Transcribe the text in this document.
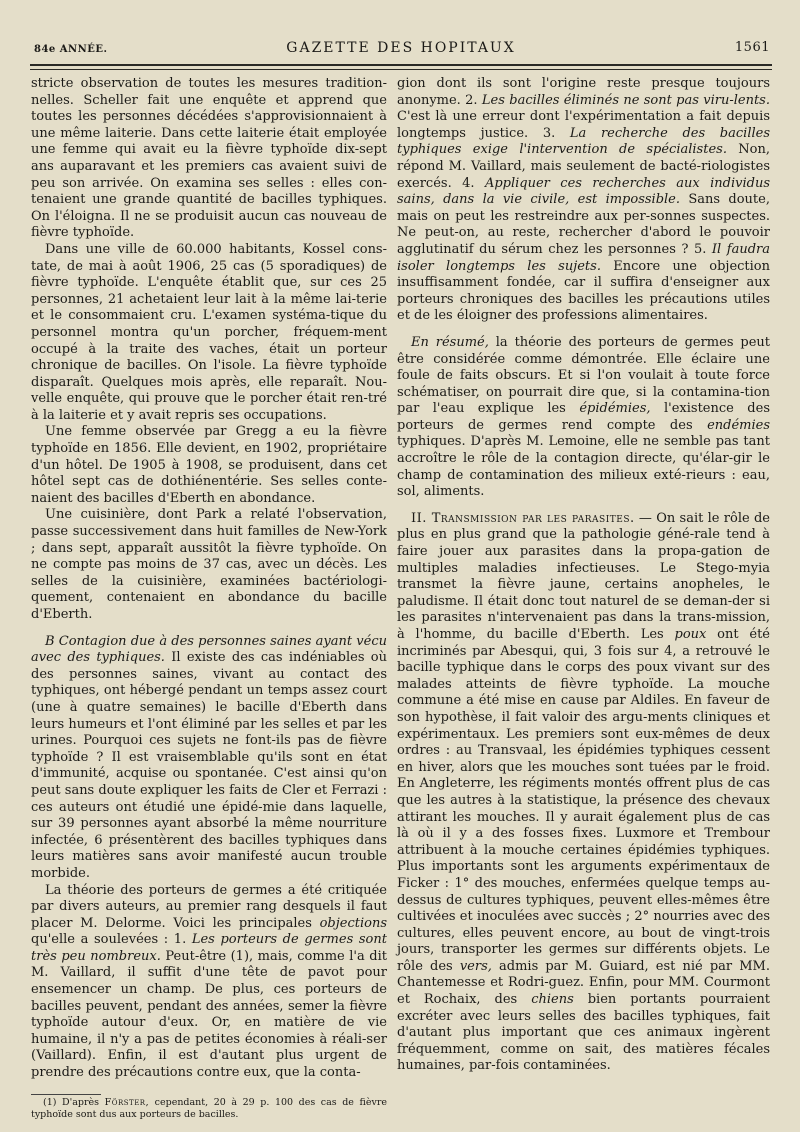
84e ANNÉE.	GAZETTE DES HOPITAUX	1561

stricte observation de toutes les mesures tradition-nelles. Scheller fait une enquête et apprend que toutes les personnes décédées s'approvisionnaient à une même laiterie. Dans cette laiterie était employée une femme qui avait eu la fièvre typhoïde dix-sept ans auparavant et les premiers cas avaient suivi de peu son arrivée. On examina ses selles : elles con-tenaient une grande quantité de bacilles typhiques. On l'éloigna. Il ne se produisit aucun cas nouveau de fièvre typhoïde.

Dans une ville de 60.000 habitants, Kossel cons-tate, de mai à août 1906, 25 cas (5 sporadiques) de fièvre typhoïde. L'enquête établit que, sur ces 25 personnes, 21 achetaient leur lait à la même lai-terie et le consommaient cru. L'examen systéma-tique du personnel montra qu'un porcher, fréquem-ment occupé à la traite des vaches, était un porteur chronique de bacilles. On l'isole. La fièvre typhoïde disparaît. Quelques mois après, elle reparaît. Nou-velle enquête, qui prouve que le porcher était ren-tré à la laiterie et y avait repris ses occupations.

Une femme observée par Gregg a eu la fièvre typhoïde en 1856. Elle devient, en 1902, propriétaire d'un hôtel. De 1905 à 1908, se produisent, dans cet hôtel sept cas de dothiénentérie. Ses selles conte-naient des bacilles d'Eberth en abondance.

Une cuisinière, dont Park a relaté l'observation, passe successivement dans huit familles de New-York ; dans sept, apparaît aussitôt la fièvre typhoïde. On ne compte pas moins de 37 cas, avec un décès. Les selles de la cuisinière, examinées bactériologi-quement, contenaient en abondance du bacille d'Eberth.

B Contagion due à des personnes saines ayant vécu avec des typhiques. Il existe des cas indéniables où des personnes saines, vivant au contact des typhiques, ont hébergé pendant un temps assez court (une à quatre semaines) le bacille d'Eberth dans leurs humeurs et l'ont éliminé par les selles et par les urines. Pourquoi ces sujets ne font-ils pas de fièvre typhoïde ? Il est vraisemblable qu'ils sont en état d'immunité, acquise ou spontanée. C'est ainsi qu'on peut sans doute expliquer les faits de Cler et Ferrazi : ces auteurs ont étudié une épidé-mie dans laquelle, sur 39 personnes ayant absorbé la même nourriture infectée, 6 présentèrent des bacilles typhiques dans leurs matières sans avoir manifesté aucun trouble morbide.

La théorie des porteurs de germes a été critiquée par divers auteurs, au premier rang desquels il faut placer M. Delorme. Voici les principales objections qu'elle a soulevées : 1. Les porteurs de germes sont très peu nombreux. Peut-être (1), mais, comme l'a dit M. Vaillard, il suffit d'une tête de pavot pour ensemencer un champ. De plus, ces porteurs de bacilles peuvent, pendant des années, semer la fièvre typhoïde autour d'eux. Or, en matière de vie humaine, il n'y a pas de petites économies à réali-ser (Vaillard). Enfin, il est d'autant plus urgent de prendre des précautions contre eux, que la conta-

gion dont ils sont l'origine reste presque toujours anonyme. 2. Les bacilles éliminés ne sont pas viru-lents. C'est là une erreur dont l'expérimentation a fait depuis longtemps justice. 3. La recherche des bacilles typhiques exige l'intervention de spécialistes. Non, répond M. Vaillard, mais seulement de bacté-riologistes exercés. 4. Appliquer ces recherches aux individus sains, dans la vie civile, est impossible. Sans doute, mais on peut les restreindre aux per-sonnes suspectes. Ne peut-on, au reste, rechercher d'abord le pouvoir agglutinatif du sérum chez les personnes ? 5. Il faudra isoler longtemps les sujets. Encore une objection insuffisamment fondée, car il suffira d'enseigner aux porteurs chroniques des bacilles les précautions utiles et de les éloigner des professions alimentaires.

En résumé, la théorie des porteurs de germes peut être considérée comme démontrée. Elle éclaire une foule de faits obscurs. Et si l'on voulait à toute force schématiser, on pourrait dire que, si la contamina-tion par l'eau explique les épidémies, l'existence des porteurs de germes rend compte des endémies typhiques. D'après M. Lemoine, elle ne semble pas tant accroître le rôle de la contagion directe, qu'élar-gir le champ de contamination des milieux exté-rieurs : eau, sol, aliments.

II. Transmission par les parasites. — On sait le rôle de plus en plus grand que la pathologie géné-rale tend à faire jouer aux parasites dans la propa-gation de multiples maladies infectieuses. Le Stego-myia transmet la fièvre jaune, certains anopheles, le paludisme. Il était donc tout naturel de se deman-der si les parasites n'intervenaient pas dans la trans-mission, à l'homme, du bacille d'Eberth. Les poux ont été incriminés par Abesqui, qui, 3 fois sur 4, a retrouvé le bacille typhique dans le corps des poux vivant sur des malades atteints de fièvre typhoïde. La mouche commune a été mise en cause par Aldiles. En faveur de son hypothèse, il fait valoir des argu-ments cliniques et expérimentaux. Les premiers sont eux-mêmes de deux ordres : au Transvaal, les épidémies typhiques cessent en hiver, alors que les mouches sont tuées par le froid. En Angleterre, les régiments montés offrent plus de cas que les autres à la statistique, la présence des chevaux attirant les mouches. Il y aurait également plus de cas là où il y a des fosses fixes. Luxmore et Trembour attribuent à la mouche certaines épidémies typhiques. Plus importants sont les arguments expérimentaux de Ficker : 1° des mouches, enfermées quelque temps au-dessus de cultures typhiques, peuvent elles-mêmes être cultivées et inoculées avec succès ; 2° nourries avec des cultures, elles peuvent encore, au bout de vingt-trois jours, transporter les germes sur différents objets. Le rôle des vers, admis par M. Guiard, est nié par MM. Chantemesse et Rodri-guez. Enfin, pour MM. Courmont et Rochaix, des chiens bien portants pourraient excréter avec leurs selles des bacilles typhiques, fait d'autant plus important que ces animaux ingèrent fréquemment, comme on sait, des matières fécales humaines, par-fois contaminées.

(1) D'après Förster, cependant, 20 à 29 p. 100 des cas de fièvre typhoïde sont dus aux porteurs de bacilles.
